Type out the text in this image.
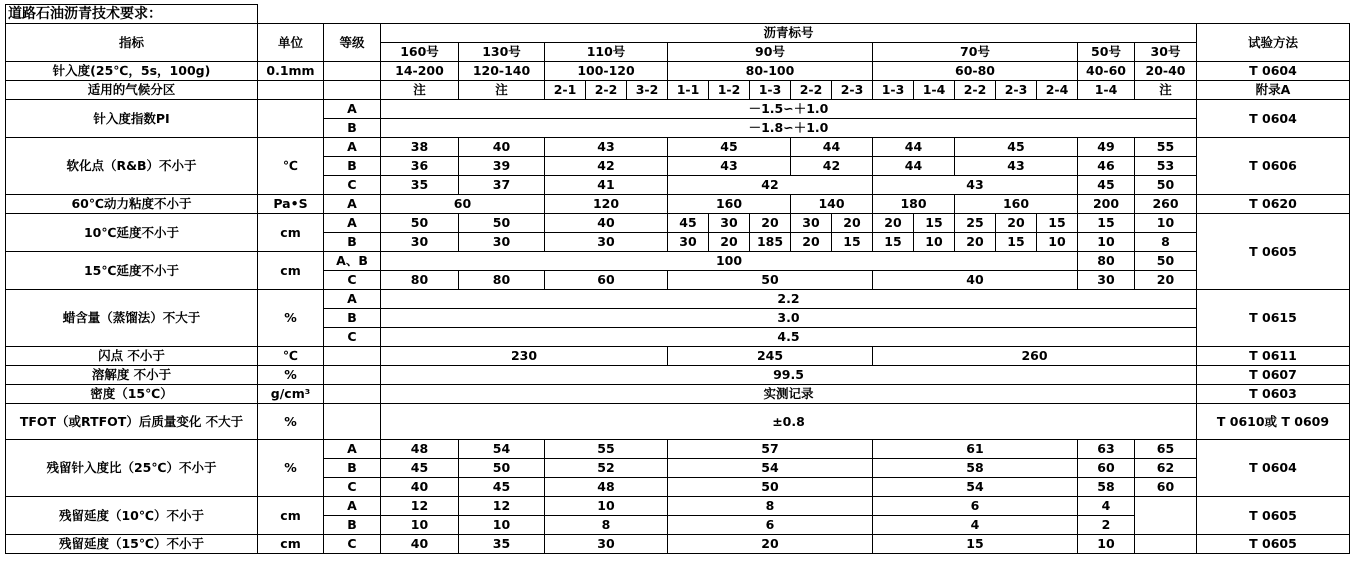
道路石油沥青技术要求：																				
指标	单位	等级	沥青标号																	试验方法
			160号	130号	110号			90号					70号					50号	30号	
针入度(25℃，5s，100g)	0.1mm		14-200	120-140	100-120			80-100					60-80					40-60	20-40	T 0604
适用的气候分区			注	注	2-1	2-2	3-2	1-1	1-2	1-3	2-2	2-3	1-3	1-4	2-2	2-3	2-4	1-4	注	附录A
针入度指数PI		A	－1.5∽＋1.0																	T 0604
		B	－1.8∽＋1.0																	
软化点（R&B）不小于	℃	A	38	40	43			45			44		44		45			49	55	T 0606
		B	36	39	42			43			42		44		43			46	53	
		C	35	37	41			42					43					45	50	
60℃动力粘度不小于	Pa•S	A	60		120			160			140		180		160			200	260	T 0620
10℃延度不小于	cm	A	50	50	40			45	30	20	30	20	20	15	25	20	15	15	10	T 0605
		B	30	30	30			30	20	185	20	15	15	10	20	15	10	10	8	
15℃延度不小于	cm	A、B	100															80	50	
		C	80	80	60			50					40					30	20	
蜡含量（蒸馏法）不大于	%	A	2.2																	T 0615
		B	3.0																	
		C	4.5																	
闪点 不小于	℃		230					245					260							T 0611
溶解度 不小于	%		99.5																	T 0607
密度（15℃）	g/cm³		实测记录																	T 0603
TFOT（或RTFOT）后质量变化 不大于	%		±0.8																	T 0610或 T 0609
残留针入度比（25℃）不小于	%	A	48	54	55			57					61					63	65	T 0604
		B	45	50	52			54					58					60	62	
		C	40	45	48			50					54					58	60	
残留延度（10℃）不小于	cm	A	12	12	10			8					6					4		T 0605
		B	10	10	8			6					4					2		
残留延度（15℃）不小于	cm	C	40	35	30			20					15					10		T 0605
